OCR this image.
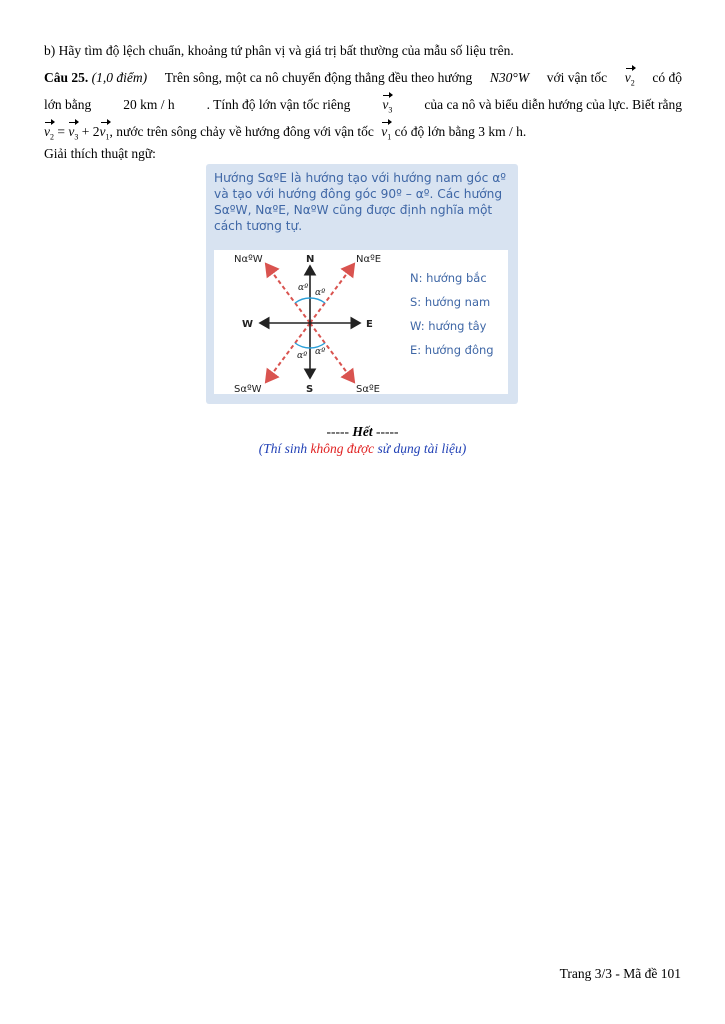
b) Hãy tìm độ lệch chuẩn, khoảng tứ phân vị và giá trị bất thường của mẫu số liệu trên.
Câu 25. (1,0 điểm) Trên sông, một ca nô chuyển động thẳng đều theo hướng N30°W với vận tốc $v_2$ có độ
lớn bằng 20 km / h . Tính độ lớn vận tốc riêng $v_3$ của ca nô và biểu diễn hướng của lực. Biết rằng
$v_2 = v_3 + 2v_1$, nước trên sông chảy về hướng đông với vận tốc $v_1$ có độ lớn bằng 3 km / h.
Giải thích thuật ngữ:
Hướng SαºE là hướng tạo với hướng nam góc αº và tạo với hướng đông góc 90º – αº. Các hướng SαºW, NαºE, NαºW cũng được định nghĩa một cách tương tự.
N
S
W	E
NαºW	NαºE
SαºW	SαºE
αº αº
αº αº
N: hướng bắc
S: hướng nam
W: hướng tây
E: hướng đông
----- Hết -----
(Thí sinh không được sử dụng tài liệu)
Trang 3/3 - Mã đề 101
